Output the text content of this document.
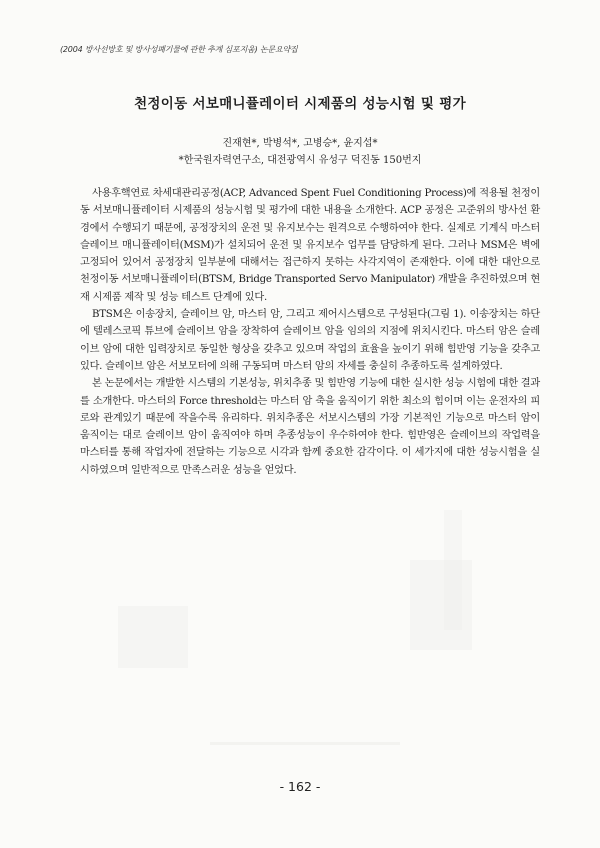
(2004 방사선방호 및 방사성폐기물에 관한 추계 심포지움) 논문요약집
천정이동 서보매니퓰레이터 시제품의 성능시험 및 평가
진재현*, 박병석*, 고병승*, 윤지섭*
*한국원자력연구소, 대전광역시 유성구 덕진동 150번지

사용후핵연료 차세대관리공정(ACP, Advanced Spent Fuel Conditioning Process)에 적용될 천정이동 서보매니퓰레이터 시제품의 성능시험 및 평가에 대한 내용을 소개한다. ACP 공정은 고준위의 방사선 환경에서 수행되기 때문에, 공정장치의 운전 및 유지보수는 원격으로 수행하여야 한다. 실제로 기계식 마스터 슬레이브 매니퓰레이터(MSM)가 설치되어 운전 및 유지보수 업무를 담당하게 된다. 그러나 MSM은 벽에 고정되어 있어서 공정장치 일부분에 대해서는 접근하지 못하는 사각지역이 존재한다. 이에 대한 대안으로 천정이동 서보매니퓰레이터(BTSM, Bridge Transported Servo Manipulator) 개발을 추진하였으며 현재 시제품 제작 및 성능 테스트 단계에 있다.

BTSM은 이송장치, 슬레이브 암, 마스터 암, 그리고 제어시스템으로 구성된다(그림 1). 이송장치는 하단에 텔레스코픽 튜브에 슬레이브 암을 장착하여 슬레이브 암을 임의의 지점에 위치시킨다. 마스터 암은 슬레이브 암에 대한 입력장치로 동일한 형상을 갖추고 있으며 작업의 효율을 높이기 위해 힘반영 기능을 갖추고 있다. 슬레이브 암은 서보모터에 의해 구동되며 마스터 암의 자세를 충실히 추종하도록 설계하였다.

본 논문에서는 개발한 시스템의 기본성능, 위치추종 및 힘반영 기능에 대한 실시한 성능 시험에 대한 결과를 소개한다. 마스터의 Force threshold는 마스터 암 축을 움직이기 위한 최소의 힘이며 이는 운전자의 피로와 관계있기 때문에 작을수록 유리하다. 위치추종은 서보시스템의 가장 기본적인 기능으로 마스터 암이 움직이는 대로 슬레이브 암이 움직여야 하며 추종성능이 우수하여야 한다. 힘반영은 슬레이브의 작업력을 마스터를 통해 작업자에 전달하는 기능으로 시각과 함께 중요한 감각이다. 이 세가지에 대한 성능시험을 실시하였으며 일반적으로 만족스러운 성능을 얻었다.

- 162 -
